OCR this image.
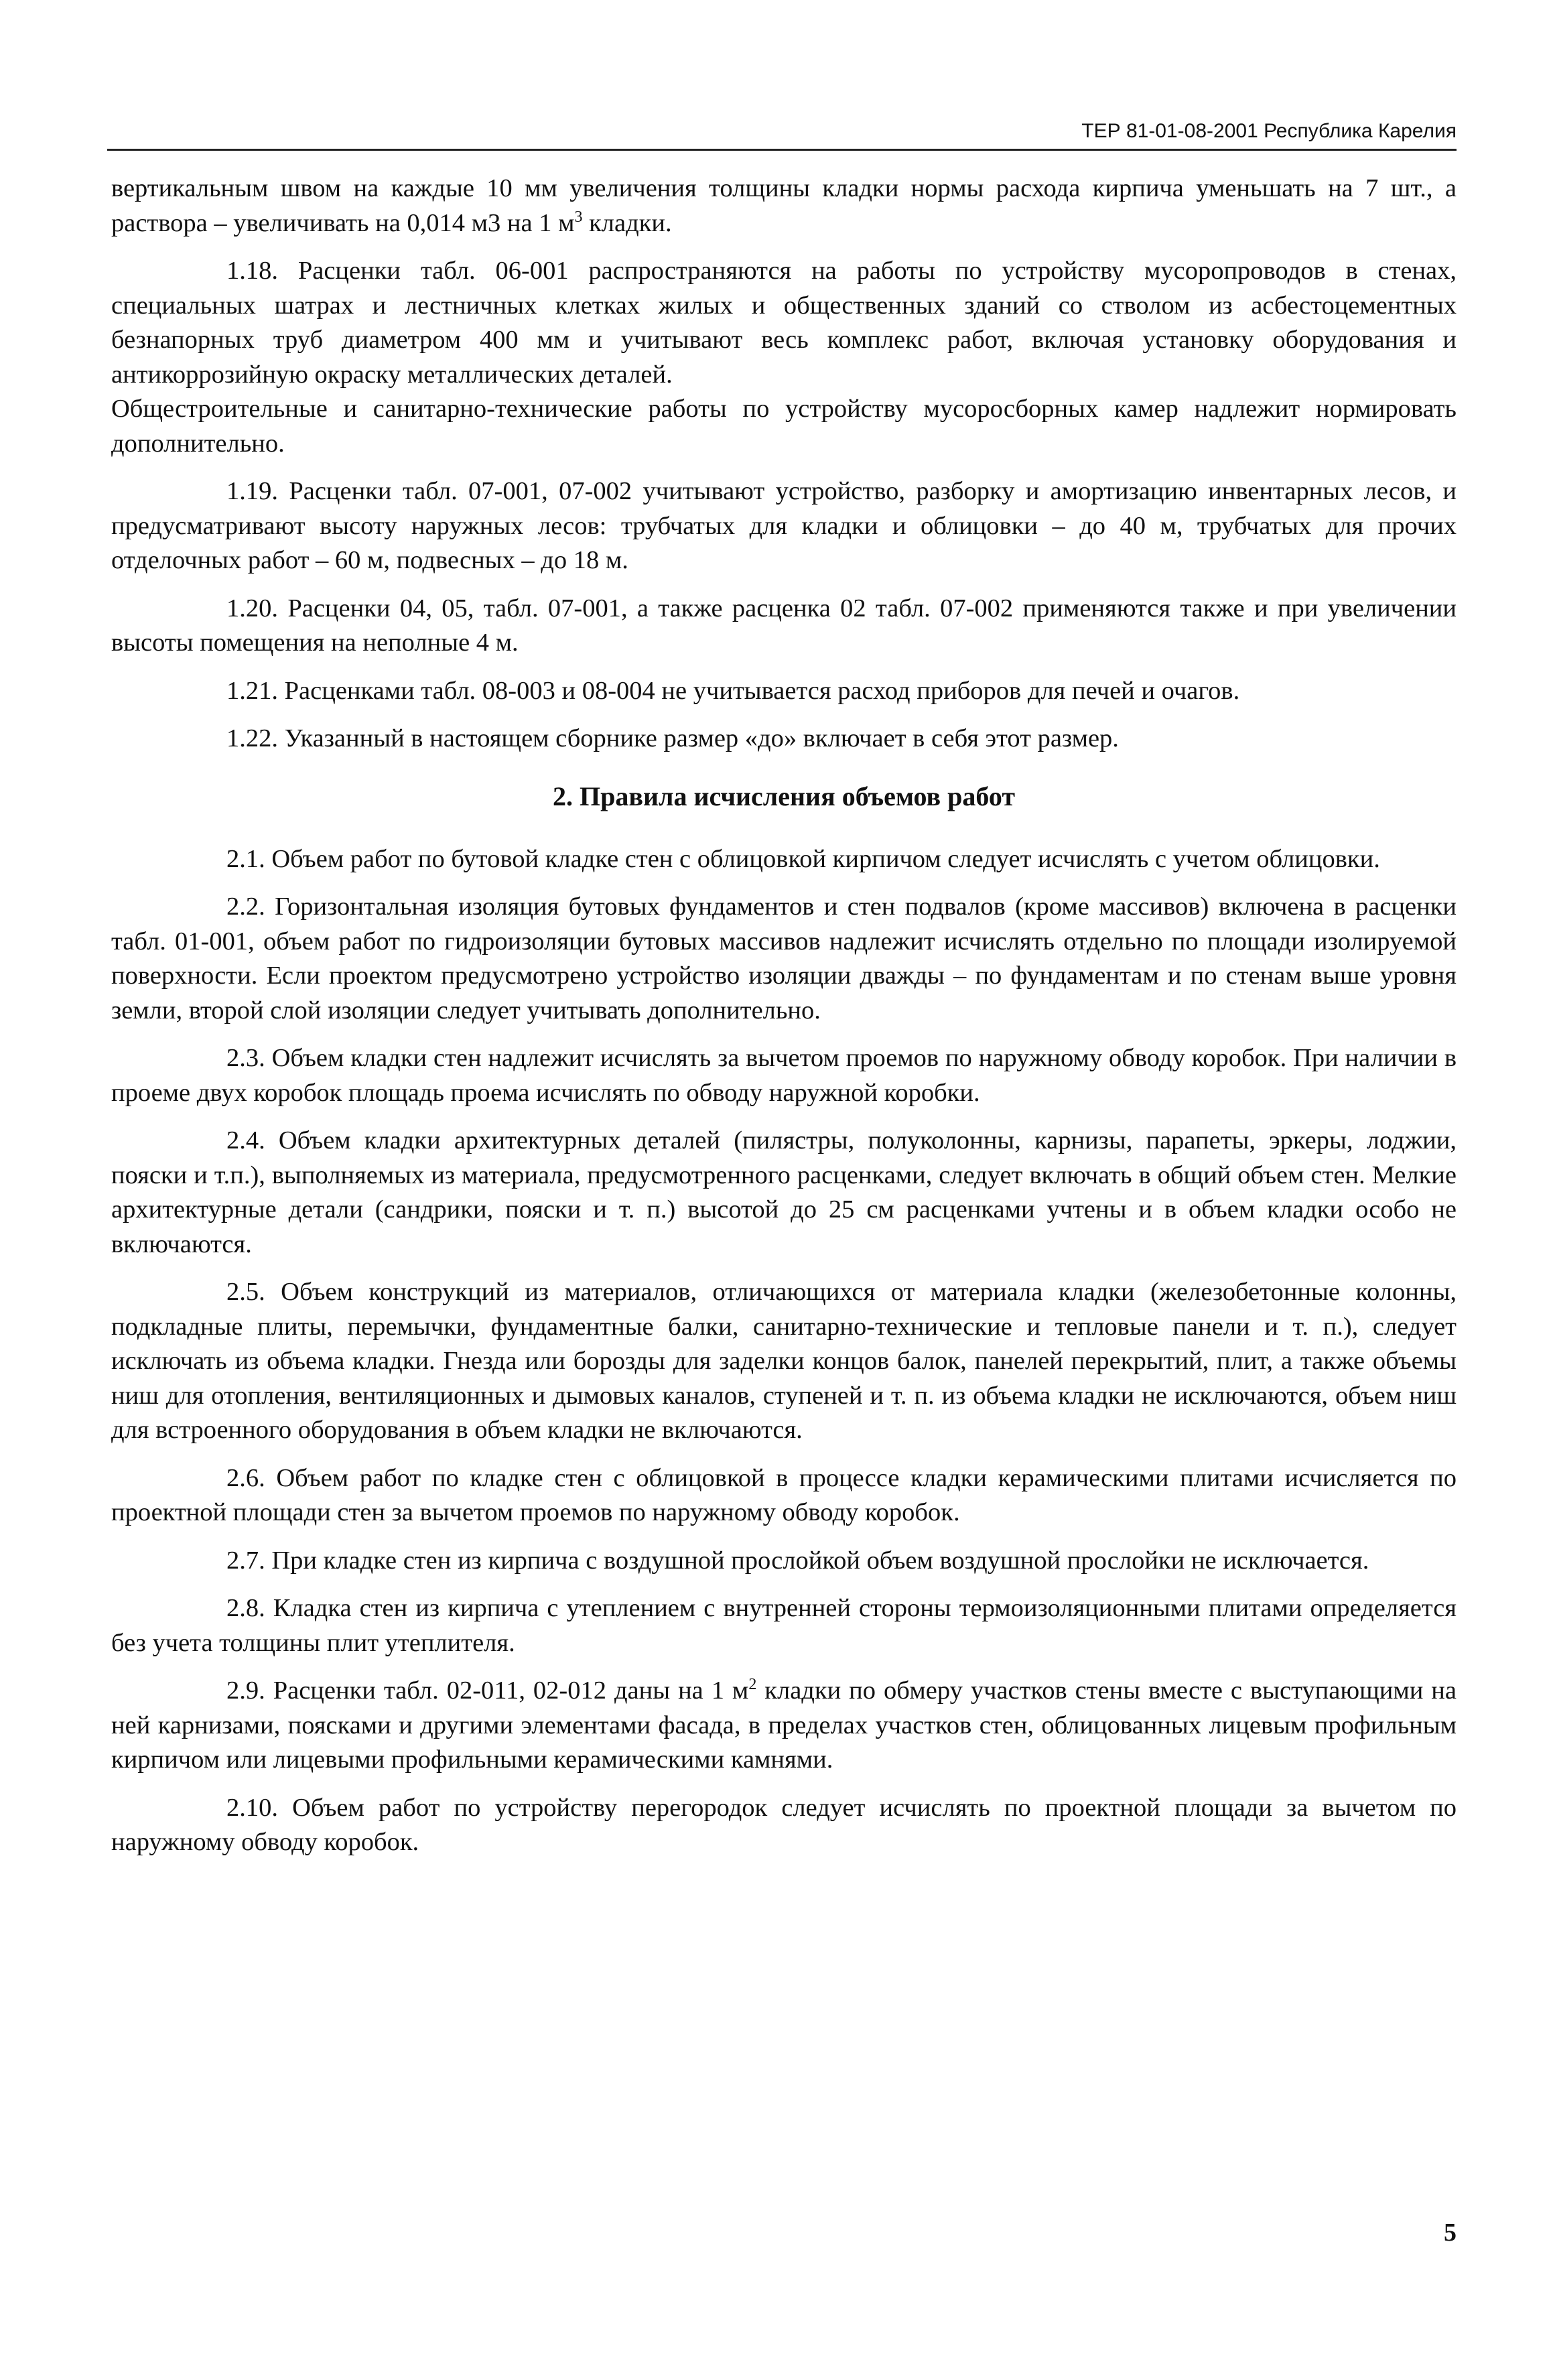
ТЕР 81-01-08-2001 Республика Карелия

вертикальным швом на каждые 10 мм увеличения толщины кладки нормы расхода кирпича уменьшать на 7 шт., а раствора – увеличивать на 0,014 м3 на 1 $м^3$ кладки.

1.18. Расценки табл. 06-001 распространяются на работы по устройству мусоропроводов в стенах, специальных шатрах и лестничных клетках жилых и общественных зданий со стволом из асбестоцементных безнапорных труб диаметром 400 мм и учитывают весь комплекс работ, включая установку оборудования и антикоррозийную окраску металлических деталей.

Общестроительные и санитарно-технические работы по устройству мусоросборных камер надлежит нормировать дополнительно.

1.19. Расценки табл. 07-001, 07-002 учитывают устройство, разборку и амортизацию инвентарных лесов, и предусматривают высоту наружных лесов: трубчатых для кладки и облицовки – до 40 м, трубчатых для прочих отделочных работ – 60 м, подвесных – до 18 м.

1.20. Расценки 04, 05, табл. 07-001, а также расценка 02 табл. 07-002 применяются также и при увеличении высоты помещения на неполные 4 м.

1.21. Расценками табл. 08-003 и 08-004 не учитывается расход приборов для печей и очагов.

1.22. Указанный в настоящем сборнике размер «до» включает в себя этот размер.

2. Правила исчисления объемов работ

2.1. Объем работ по бутовой кладке стен с облицовкой кирпичом следует исчислять с учетом облицовки.

2.2. Горизонтальная изоляция бутовых фундаментов и стен подвалов (кроме массивов) включена в расценки табл. 01-001, объем работ по гидроизоляции бутовых массивов надлежит исчислять отдельно по площади изолируемой поверхности. Если проектом предусмотрено устройство изоляции дважды – по фундаментам и по стенам выше уровня земли, второй слой изоляции следует учитывать дополнительно.

2.3. Объем кладки стен надлежит исчислять за вычетом проемов по наружному обводу коробок. При наличии в проеме двух коробок площадь проема исчислять по обводу наружной коробки.

2.4. Объем кладки архитектурных деталей (пилястры, полуколонны, карнизы, парапеты, эркеры, лоджии, пояски и т.п.), выполняемых из материала, предусмотренного расценками, следует включать в общий объем стен. Мелкие архитектурные детали (сандрики, пояски и т. п.) высотой до 25 см расценками учтены и в объем кладки особо не включаются.

2.5. Объем конструкций из материалов, отличающихся от материала кладки (железобетонные колонны, подкладные плиты, перемычки, фундаментные балки, санитарно-технические и тепловые панели и т. п.), следует исключать из объема кладки. Гнезда или борозды для заделки концов балок, панелей перекрытий, плит, а также объемы ниш для отопления, вентиляционных и дымовых каналов, ступеней и т. п. из объема кладки не исключаются, объем ниш для встроенного оборудования в объем кладки не включаются.

2.6. Объем работ по кладке стен с облицовкой в процессе кладки керамическими плитами исчисляется по проектной площади стен за вычетом проемов по наружному обводу коробок.

2.7. При кладке стен из кирпича с воздушной прослойкой объем воздушной прослойки не исключается.

2.8. Кладка стен из кирпича с утеплением с внутренней стороны термоизоляционными плитами определяется без учета толщины плит утеплителя.

2.9. Расценки табл. 02-011, 02-012 даны на 1 $м^2$ кладки по обмеру участков стены вместе с выступающими на ней карнизами, поясками и другими элементами фасада, в пределах участков стен, облицованных лицевым профильным кирпичом или лицевыми профильными керамическими камнями.

2.10. Объем работ по устройству перегородок следует исчислять по проектной площади за вычетом по наружному обводу коробок.

5
